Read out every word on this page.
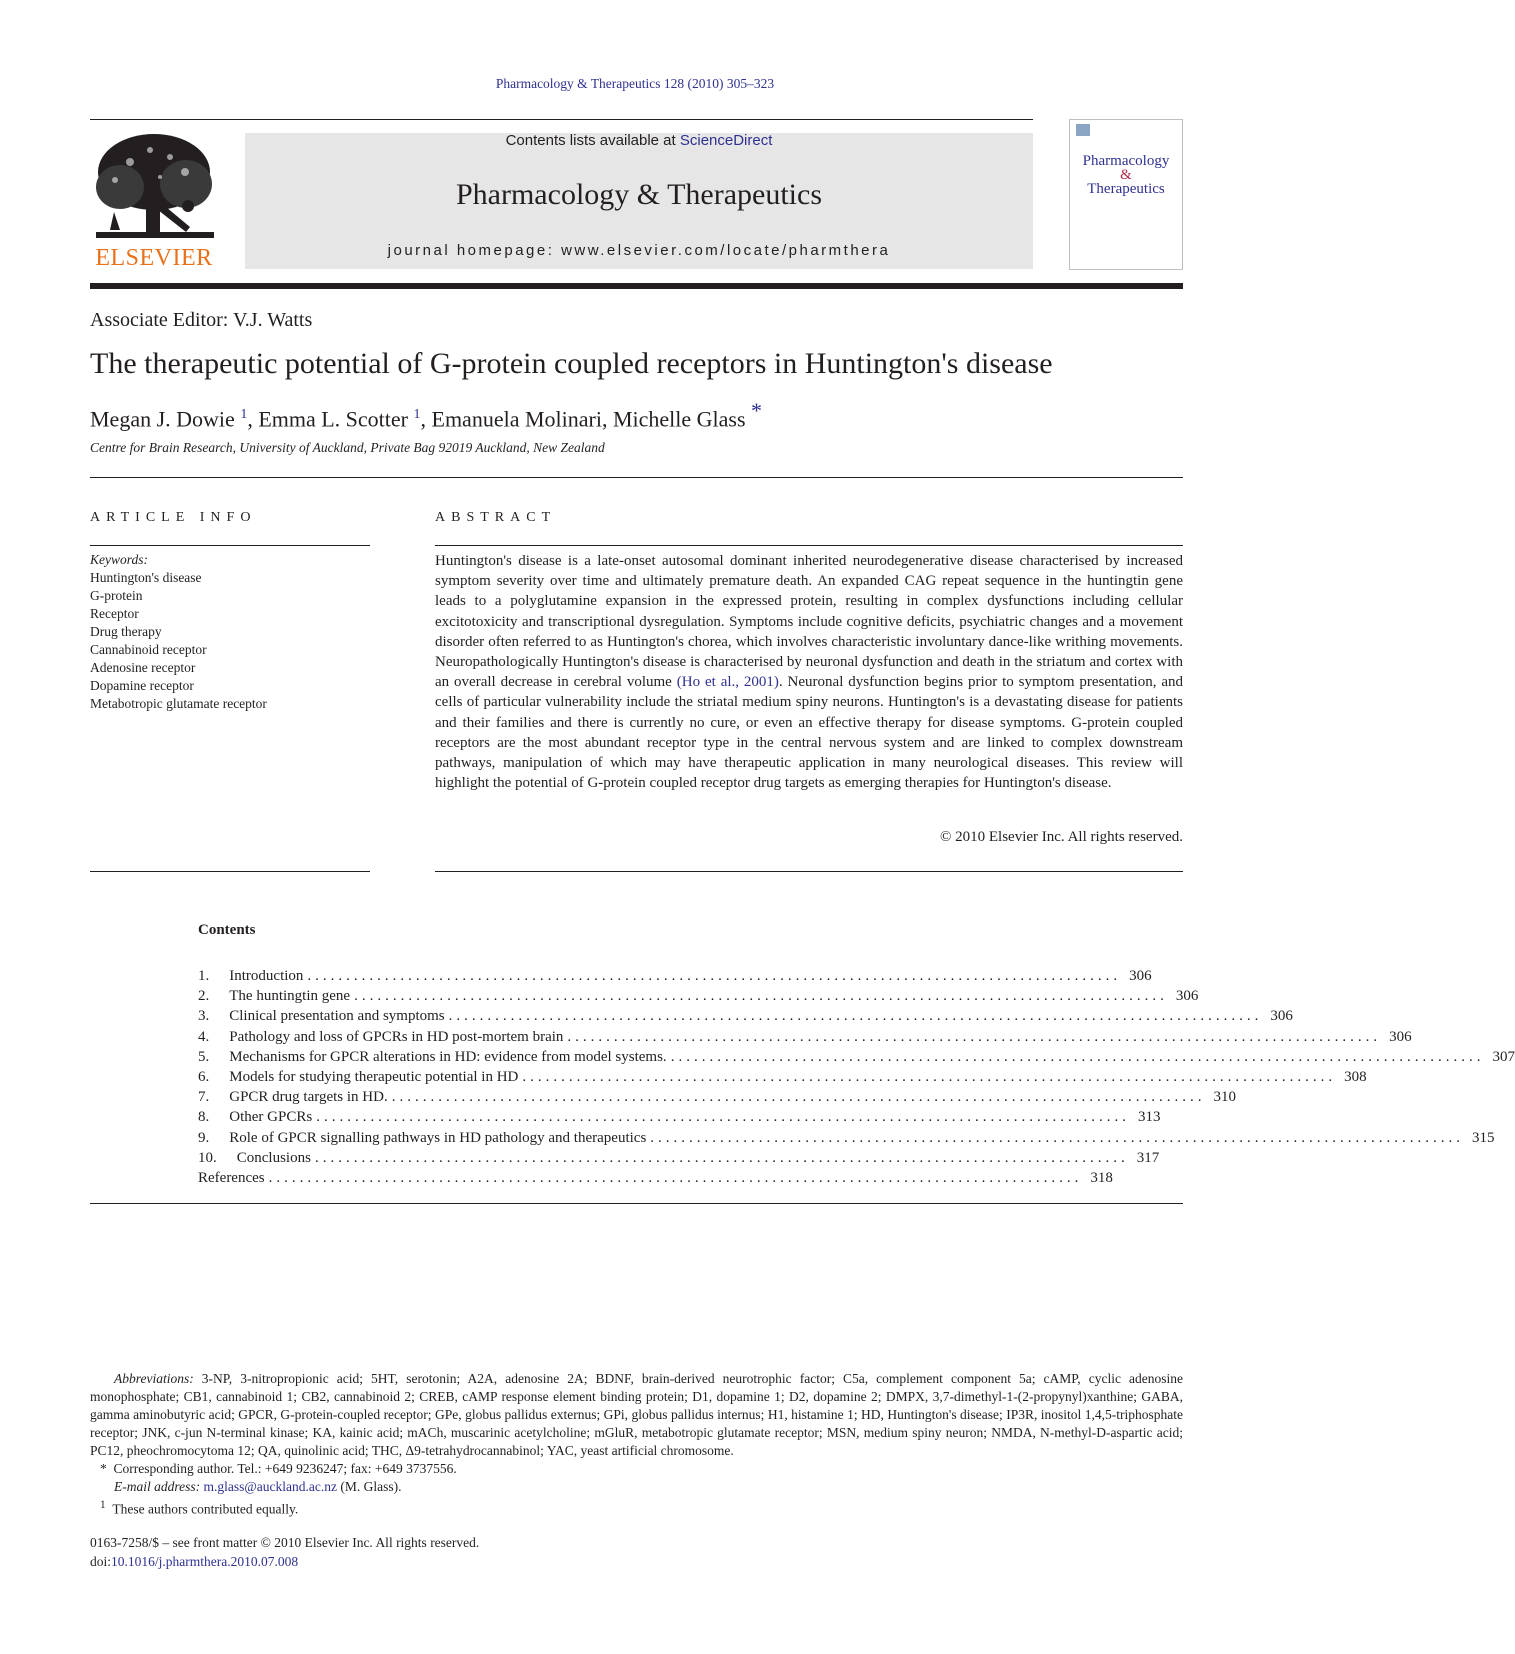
Pharmacology & Therapeutics 128 (2010) 305–323
ELSEVIER
Contents lists available at ScienceDirect
Pharmacology & Therapeutics
journal homepage: www.elsevier.com/locate/pharmthera
Pharmacology
&
Therapeutics
Associate Editor: V.J. Watts
The therapeutic potential of G-protein coupled receptors in Huntington's disease
Megan J. Dowie $^1$, Emma L. Scotter $^1$, Emanuela Molinari, Michelle Glass *
Centre for Brain Research, University of Auckland, Private Bag 92019 Auckland, New Zealand
ARTICLE INFO	ABSTRACT
Keywords:
Huntington's disease
G-protein
Receptor
Drug therapy
Cannabinoid receptor
Adenosine receptor
Dopamine receptor
Metabotropic glutamate receptor
Huntington's disease is a late-onset autosomal dominant inherited neurodegenerative disease characterised by increased symptom severity over time and ultimately premature death. An expanded CAG repeat sequence in the huntingtin gene leads to a polyglutamine expansion in the expressed protein, resulting in complex dysfunctions including cellular excitotoxicity and transcriptional dysregulation. Symptoms include cognitive deficits, psychiatric changes and a movement disorder often referred to as Huntington's chorea, which involves characteristic involuntary dance-like writhing movements. Neuropathologically Huntington's disease is characterised by neuronal dysfunction and death in the striatum and cortex with an overall decrease in cerebral volume (Ho et al., 2001). Neuronal dysfunction begins prior to symptom presentation, and cells of particular vulnerability include the striatal medium spiny neurons. Huntington's is a devastating disease for patients and their families and there is currently no cure, or even an effective therapy for disease symptoms. G-protein coupled receptors are the most abundant receptor type in the central nervous system and are linked to complex downstream pathways, manipulation of which may have therapeutic application in many neurological diseases. This review will highlight the potential of G-protein coupled receptor drug targets as emerging therapies for Huntington's disease.
© 2010 Elsevier Inc. All rights reserved.
Contents
1.	Introduction ......................................................................................................... 306
2.	The huntingtin gene ......................................................................................................... 306
3.	Clinical presentation and symptoms ......................................................................................................... 306
4.	Pathology and loss of GPCRs in HD post-mortem brain ......................................................................................................... 306
5.	Mechanisms for GPCR alterations in HD: evidence from model systems. ......................................................................................................... 307
6.	Models for studying therapeutic potential in HD ......................................................................................................... 308
7.	GPCR drug targets in HD. ......................................................................................................... 310
8.	Other GPCRs ......................................................................................................... 313
9.	Role of GPCR signalling pathways in HD pathology and therapeutics ......................................................................................................... 315
10.	Conclusions ......................................................................................................... 317
References ......................................................................................................... 318
Abbreviations: 3-NP, 3-nitropropionic acid; 5HT, serotonin; A2A, adenosine 2A; BDNF, brain-derived neurotrophic factor; C5a, complement component 5a; cAMP, cyclic adenosine monophosphate; CB1, cannabinoid 1; CB2, cannabinoid 2; CREB, cAMP response element binding protein; D1, dopamine 1; D2, dopamine 2; DMPX, 3,7-dimethyl-1-(2-propynyl)xanthine; GABA, gamma aminobutyric acid; GPCR, G-protein-coupled receptor; GPe, globus pallidus externus; GPi, globus pallidus internus; H1, histamine 1; HD, Huntington's disease; IP3R, inositol 1,4,5-triphosphate receptor; JNK, c-jun N-terminal kinase; KA, kainic acid; mACh, muscarinic acetylcholine; mGluR, metabotropic glutamate receptor; MSN, medium spiny neuron; NMDA, N-methyl-D-aspartic acid; PC12, pheochromocytoma 12; QA, quinolinic acid; THC, Δ9-tetrahydrocannabinol; YAC, yeast artificial chromosome.
* Corresponding author. Tel.: +649 9236247; fax: +649 3737556.
E-mail address: m.glass@auckland.ac.nz (M. Glass).
$^1$ These authors contributed equally.
0163-7258/$ – see front matter © 2010 Elsevier Inc. All rights reserved.
doi:10.1016/j.pharmthera.2010.07.008
